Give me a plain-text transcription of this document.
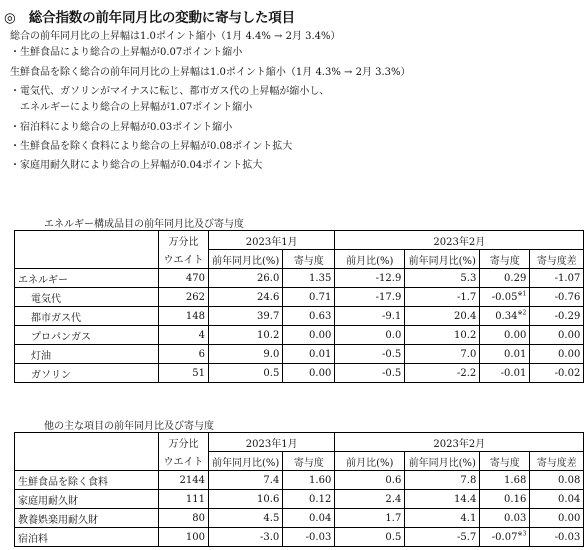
◎　総合指数の前年同月比の変動に寄与した項目
総合の前年同月比の上昇幅は1.0ポイント縮小（1月 4.4% → 2月 3.4%）
・生鮮食品により総合の上昇幅が0.07ポイント縮小
生鮮食品を除く総合の前年同月比の上昇幅は1.0ポイント縮小（1月 4.3% → 2月 3.3%）
・電気代、ガソリンがマイナスに転じ、都市ガス代の上昇幅が縮小し、
　エネルギーにより総合の上昇幅が1.07ポイント縮小
・宿泊料により総合の上昇幅が0.03ポイント縮小
・生鮮食品を除く食料により総合の上昇幅が0.08ポイント拡大
・家庭用耐久財により総合の上昇幅が0.04ポイント拡大
エネルギー構成品目の前年同月比及び寄与度
	万分比	2023年1月		2023年2月			
	ウエイト	前年同月比(%)	寄与度	前月比(%)	前年同月比(%)	寄与度	寄与度差
エネルギー	470	26.0	1.35	-12.9	5.3	0.29	-1.07
電気代	262	24.6	0.71	-17.9	-1.7	-0.05$^{※1}$	-0.76
都市ガス代	148	39.7	0.63	-9.1	20.4	0.34$^{※2}$	-0.29
プロパンガス	4	10.2	0.00	0.0	10.2	0.00	0.00
灯油	6	9.0	0.01	-0.5	7.0	0.01	0.00
ガソリン	51	0.5	0.00	-0.5	-2.2	-0.01	-0.02
他の主な項目の前年同月比及び寄与度
	万分比	2023年1月		2023年2月			
	ウエイト	前年同月比(%)	寄与度	前月比(%)	前年同月比(%)	寄与度	寄与度差
生鮮食品を除く食料	2144	7.4	1.60	0.6	7.8	1.68	0.08
家庭用耐久財	111	10.6	0.12	2.4	14.4	0.16	0.04
教養娯楽用耐久財	80	4.5	0.04	1.7	4.1	0.03	0.00
宿泊料	100	-3.0	-0.03	0.5	-5.7	-0.07$^{※3}$	-0.03
